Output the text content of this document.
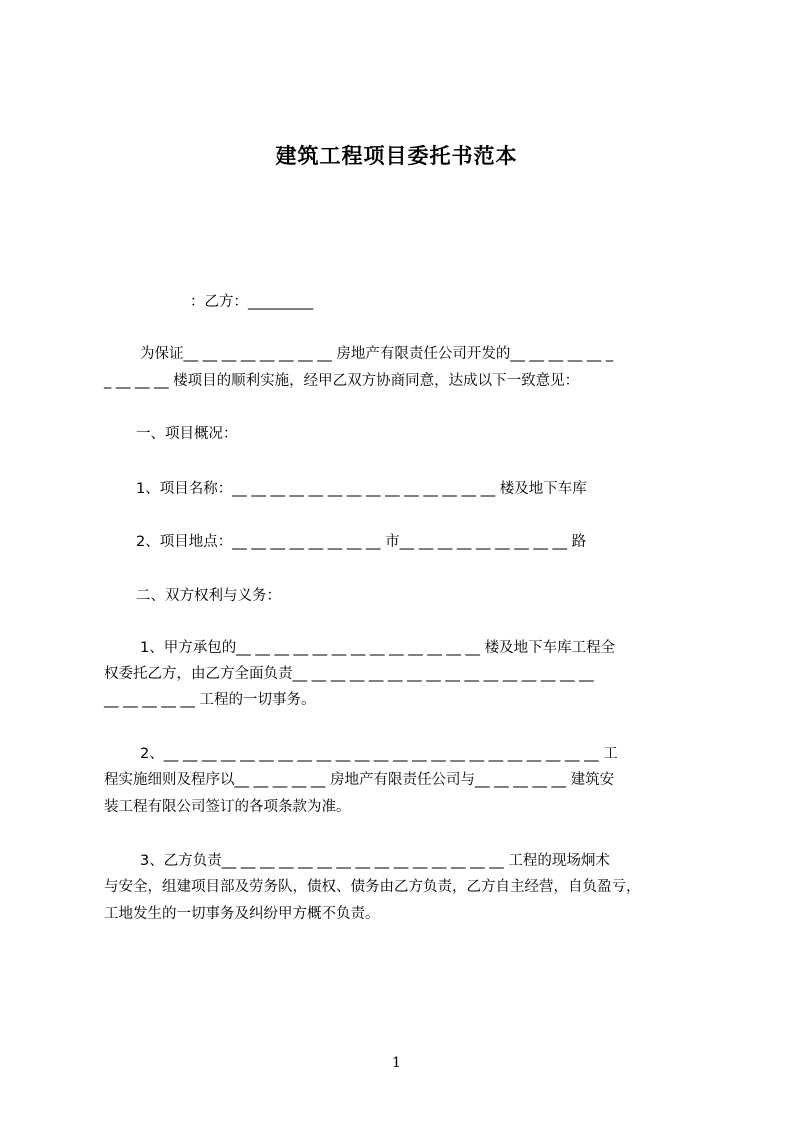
建筑工程项目委托书范本
：乙方：_________
为保证__ __ __ __ __ __ __ __ 房地产有限责任公司开发的__ __ __ __ __ _
_ __ __ __ 楼项目的顺利实施，经甲乙双方协商同意，达成以下一致意见：
一、项目概况：
1、项目名称：__ __ __ __ __ __ __ __ __ __ __ __ __ __ 楼及地下车库
2、项目地点：__ __ __ __ __ __ __ __ 市__ __ __ __ __ __ __ __ __ 路
二、双方权利与义务：
1、甲方承包的__ __ __ __ __ __ __ __ __ __ __ __ __ 楼及地下车库工程全
权委托乙方，由乙方全面负责__ __ __ __ __ __ __ __ __ __ __ __ __ __ __ __
__ __ __ __ __ 工程的一切事务。
2、__ __ __ __ __ __ __ __ __ __ __ __ __ __ __ __ __ __ __ __ __ __ __ 工
程实施细则及程序以__ __ __ __ __ 房地产有限责任公司与__ __ __ __ __ 建筑安
装工程有限公司签订的各项条款为准。
3、乙方负责__ __ __ __ __ __ __ __ __ __ __ __ __ __ __ 工程的现场炯术
与安全，组建项目部及劳务队，债权、债务由乙方负责，乙方自主经营，自负盈亏，
工地发生的一切事务及纠纷甲方概不负责。
1
